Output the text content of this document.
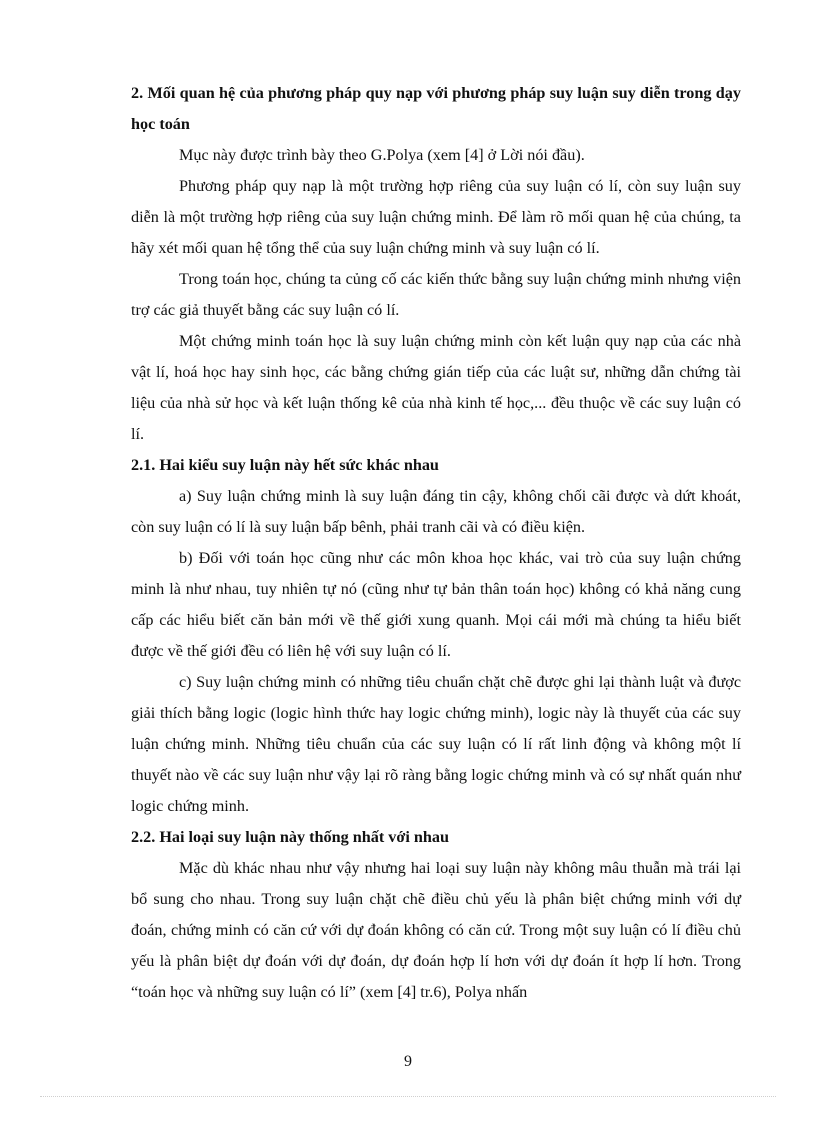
2. Mối quan hệ của phương pháp quy nạp với phương pháp suy luận suy diễn trong dạy học toán

Mục này được trình bày theo G.Polya (xem [4] ở Lời nói đầu).

Phương pháp quy nạp là một trường hợp riêng của suy luận có lí, còn suy luận suy diễn là một trường hợp riêng của suy luận chứng minh. Để làm rõ mối quan hệ của chúng, ta hãy xét mối quan hệ tổng thể của suy luận chứng minh và suy luận có lí.

Trong toán học, chúng ta củng cố các kiến thức bằng suy luận chứng minh nhưng viện trợ các giả thuyết bằng các suy luận có lí.

Một chứng minh toán học là suy luận chứng minh còn kết luận quy nạp của các nhà vật lí, hoá học hay sinh học, các bằng chứng gián tiếp của các luật sư, những dẫn chứng tài liệu của nhà sử học và kết luận thống kê của nhà kinh tế học,... đều thuộc về các suy luận có lí.

2.1. Hai kiểu suy luận này hết sức khác nhau

a) Suy luận chứng minh là suy luận đáng tin cậy, không chối cãi được và dứt khoát, còn suy luận có lí là suy luận bấp bênh, phải tranh cãi và có điều kiện.

b) Đối với toán học cũng như các môn khoa học khác, vai trò của suy luận chứng minh là như nhau, tuy nhiên tự nó (cũng như tự bản thân toán học) không có khả năng cung cấp các hiểu biết căn bản mới về thế giới xung quanh. Mọi cái mới mà chúng ta hiểu biết được về thế giới đều có liên hệ với suy luận có lí.

c) Suy luận chứng minh có những tiêu chuẩn chặt chẽ được ghi lại thành luật và được giải thích bằng logic (logic hình thức hay logic chứng minh), logic này là thuyết của các suy luận chứng minh. Những tiêu chuẩn của các suy luận có lí rất linh động và không một lí thuyết nào về các suy luận như vậy lại rõ ràng bằng logic chứng minh và có sự nhất quán như logic chứng minh.

2.2. Hai loại suy luận này thống nhất với nhau

Mặc dù khác nhau như vậy nhưng hai loại suy luận này không mâu thuẫn mà trái lại bổ sung cho nhau. Trong suy luận chặt chẽ điều chủ yếu là phân biệt chứng minh với dự đoán, chứng minh có căn cứ với dự đoán không có căn cứ. Trong một suy luận có lí điều chủ yếu là phân biệt dự đoán với dự đoán, dự đoán hợp lí hơn với dự đoán ít hợp lí hơn. Trong “toán học và những suy luận có lí” (xem [4] tr.6), Polya nhấn

9
